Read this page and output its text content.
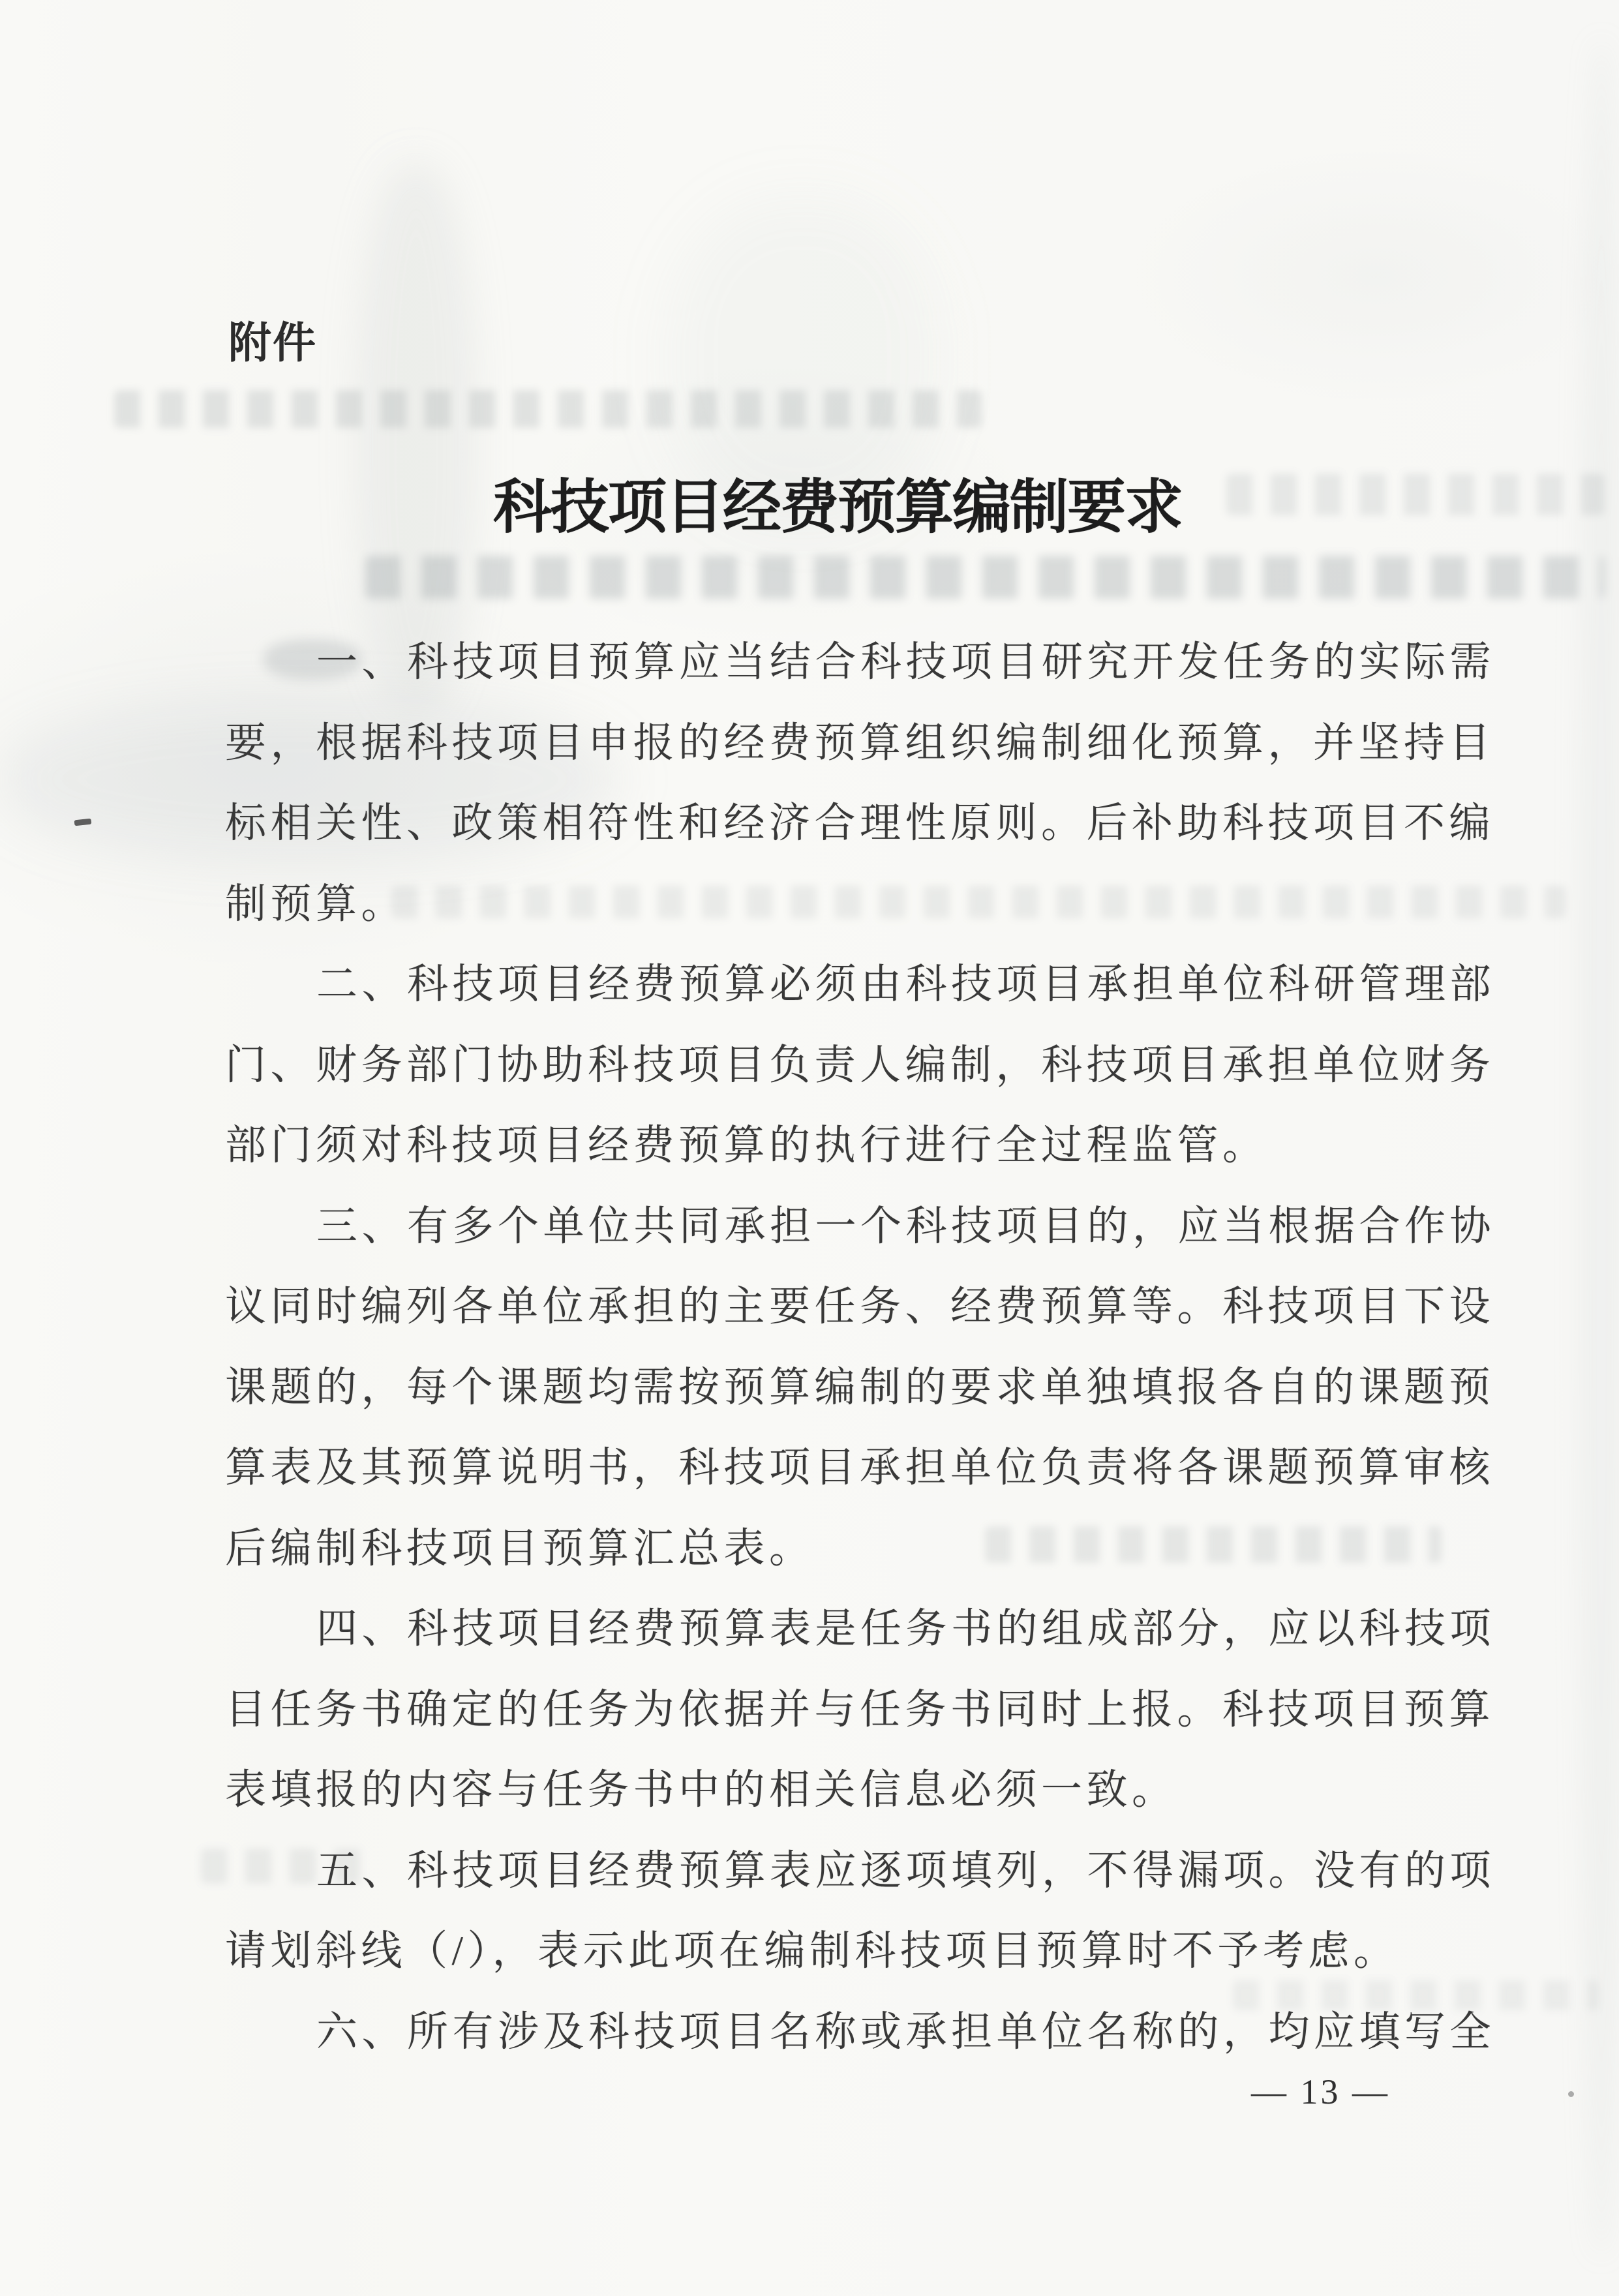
附件
科技项目经费预算编制要求
一、科技项目预算应当结合科技项目研究开发任务的实际需
要，根据科技项目申报的经费预算组织编制细化预算，并坚持目
标相关性、政策相符性和经济合理性原则。后补助科技项目不编
制预算。
二、科技项目经费预算必须由科技项目承担单位科研管理部
门、财务部门协助科技项目负责人编制，科技项目承担单位财务
部门须对科技项目经费预算的执行进行全过程监管。
三、有多个单位共同承担一个科技项目的，应当根据合作协
议同时编列各单位承担的主要任务、经费预算等。科技项目下设
课题的，每个课题均需按预算编制的要求单独填报各自的课题预
算表及其预算说明书，科技项目承担单位负责将各课题预算审核
后编制科技项目预算汇总表。
四、科技项目经费预算表是任务书的组成部分，应以科技项
目任务书确定的任务为依据并与任务书同时上报。科技项目预算
表填报的内容与任务书中的相关信息必须一致。
五、科技项目经费预算表应逐项填列，不得漏项。没有的项
请划斜线（/），表示此项在编制科技项目预算时不予考虑。
六、所有涉及科技项目名称或承担单位名称的，均应填写全
— 13 —
